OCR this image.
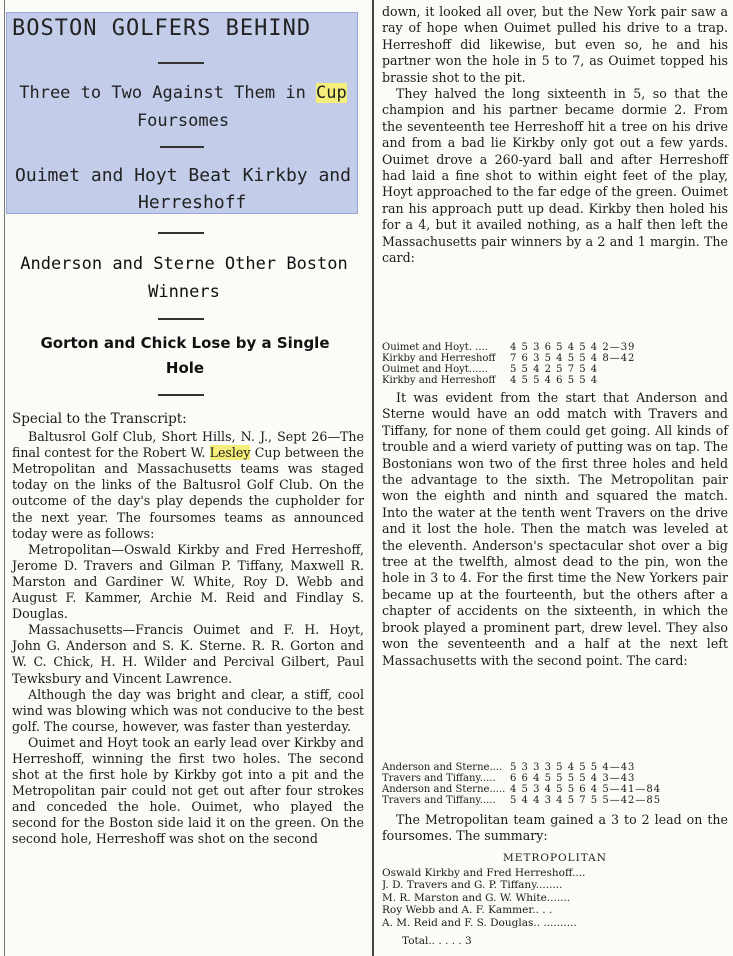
BOSTON GOLFERS BEHIND
Three to Two Against Them in Cup
Foursomes
Ouimet and Hoyt Beat Kirkby and
Herreshoff
Anderson and Sterne Other Boston
Winners
Gorton and Chick Lose by a Single
Hole

Special to the Transcript:

Baltusrol Golf Club, Short Hills, N. J., Sept 26—The final contest for the Robert W. Lesley Cup between the Metropolitan and Massachusetts teams was staged today on the links of the Baltusrol Golf Club. On the outcome of the day's play depends the cupholder for the next year. The foursomes teams as announced today were as follows:

Metropolitan—Oswald Kirkby and Fred Herreshoff, Jerome D. Travers and Gilman P. Tiffany, Maxwell R. Marston and Gardiner W. White, Roy D. Webb and August F. Kammer, Archie M. Reid and Findlay S. Douglas.

Massachusetts—Francis Ouimet and F. H. Hoyt, John G. Anderson and S. K. Sterne. R. R. Gorton and W. C. Chick, H. H. Wilder and Percival Gilbert, Paul Tewksbury and Vincent Lawrence.

Although the day was bright and clear, a stiff, cool wind was blowing which was not conducive to the best golf. The course, however, was faster than yesterday.

Ouimet and Hoyt took an early lead over Kirkby and Herreshoff, winning the first two holes. The second shot at the first hole by Kirkby got into a pit and the Metropolitan pair could not get out after four strokes and conceded the hole. Ouimet, who played the second for the Boston side laid it on the green. On the second hole, Herreshoff was shot on the second

down, it looked all over, but the New York pair saw a ray of hope when Ouimet pulled his drive to a trap. Herreshoff did likewise, but even so, he and his partner won the hole in 5 to 7, as Ouimet topped his brassie shot to the pit.

They halved the long sixteenth in 5, so that the champion and his partner became dormie 2. From the seventeenth tee Herreshoff hit a tree on his drive and from a bad lie Kirkby only got out a few yards. Ouimet drove a 260-yard ball and after Herreshoff had laid a fine shot to within eight feet of the play, Hoyt approached to the far edge of the green. Ouimet ran his approach putt up dead. Kirkby then holed his for a 4, but it availed nothing, as a half then left the Massachusetts pair winners by a 2 and 1 margin. The card:

Ouimet and Hoyt. ....	4 5 3 6 5 4 5 4 2—39
Kirkby and Herreshoff	7 6 3 5 4 5 5 4 8—42
Ouimet and Hoyt......	5 5 4 2 5 7 5 4
Kirkby and Herreshoff	4 5 5 4 6 5 5 4

It was evident from the start that Anderson and Sterne would have an odd match with Travers and Tiffany, for none of them could get going. All kinds of trouble and a wierd variety of putting was on tap. The Bostonians won two of the first three holes and held the advantage to the sixth. The Metropolitan pair won the eighth and ninth and squared the match. Into the water at the tenth went Travers on the drive and it lost the hole. Then the match was leveled at the eleventh. Anderson's spectacular shot over a big tree at the twelfth, almost dead to the pin, won the hole in 3 to 4. For the first time the New Yorkers pair became up at the fourteenth, but the others after a chapter of accidents on the sixteenth, in which the brook played a prominent part, drew level. They also won the seventeenth and a half at the next left Massachusetts with the second point. The card:

Anderson and Sterne.... 5 3 3 3 5 4 5 5 4—43
Travers and Tiffany.....	6 6 4 5 5 5 5 4 3—43
Anderson and Sterne..... 4 5 3 4 5 5 6 4 5—41—84
Travers and Tiffany.....	5 4 4 3 4 5 7 5 5—42—85

The Metropolitan team gained a 3 to 2 lead on the foursomes. The summary:

METROPOLITAN
Oswald Kirkby and Fred Herreshoff....
J. D. Travers and G. P. Tiffany........
M. R. Marston and G. W. White.......
Roy Webb and A. F. Kammer.. . .
A. M. Reid and F. S. Douglas.. ..........
Total.. . . . . 3
